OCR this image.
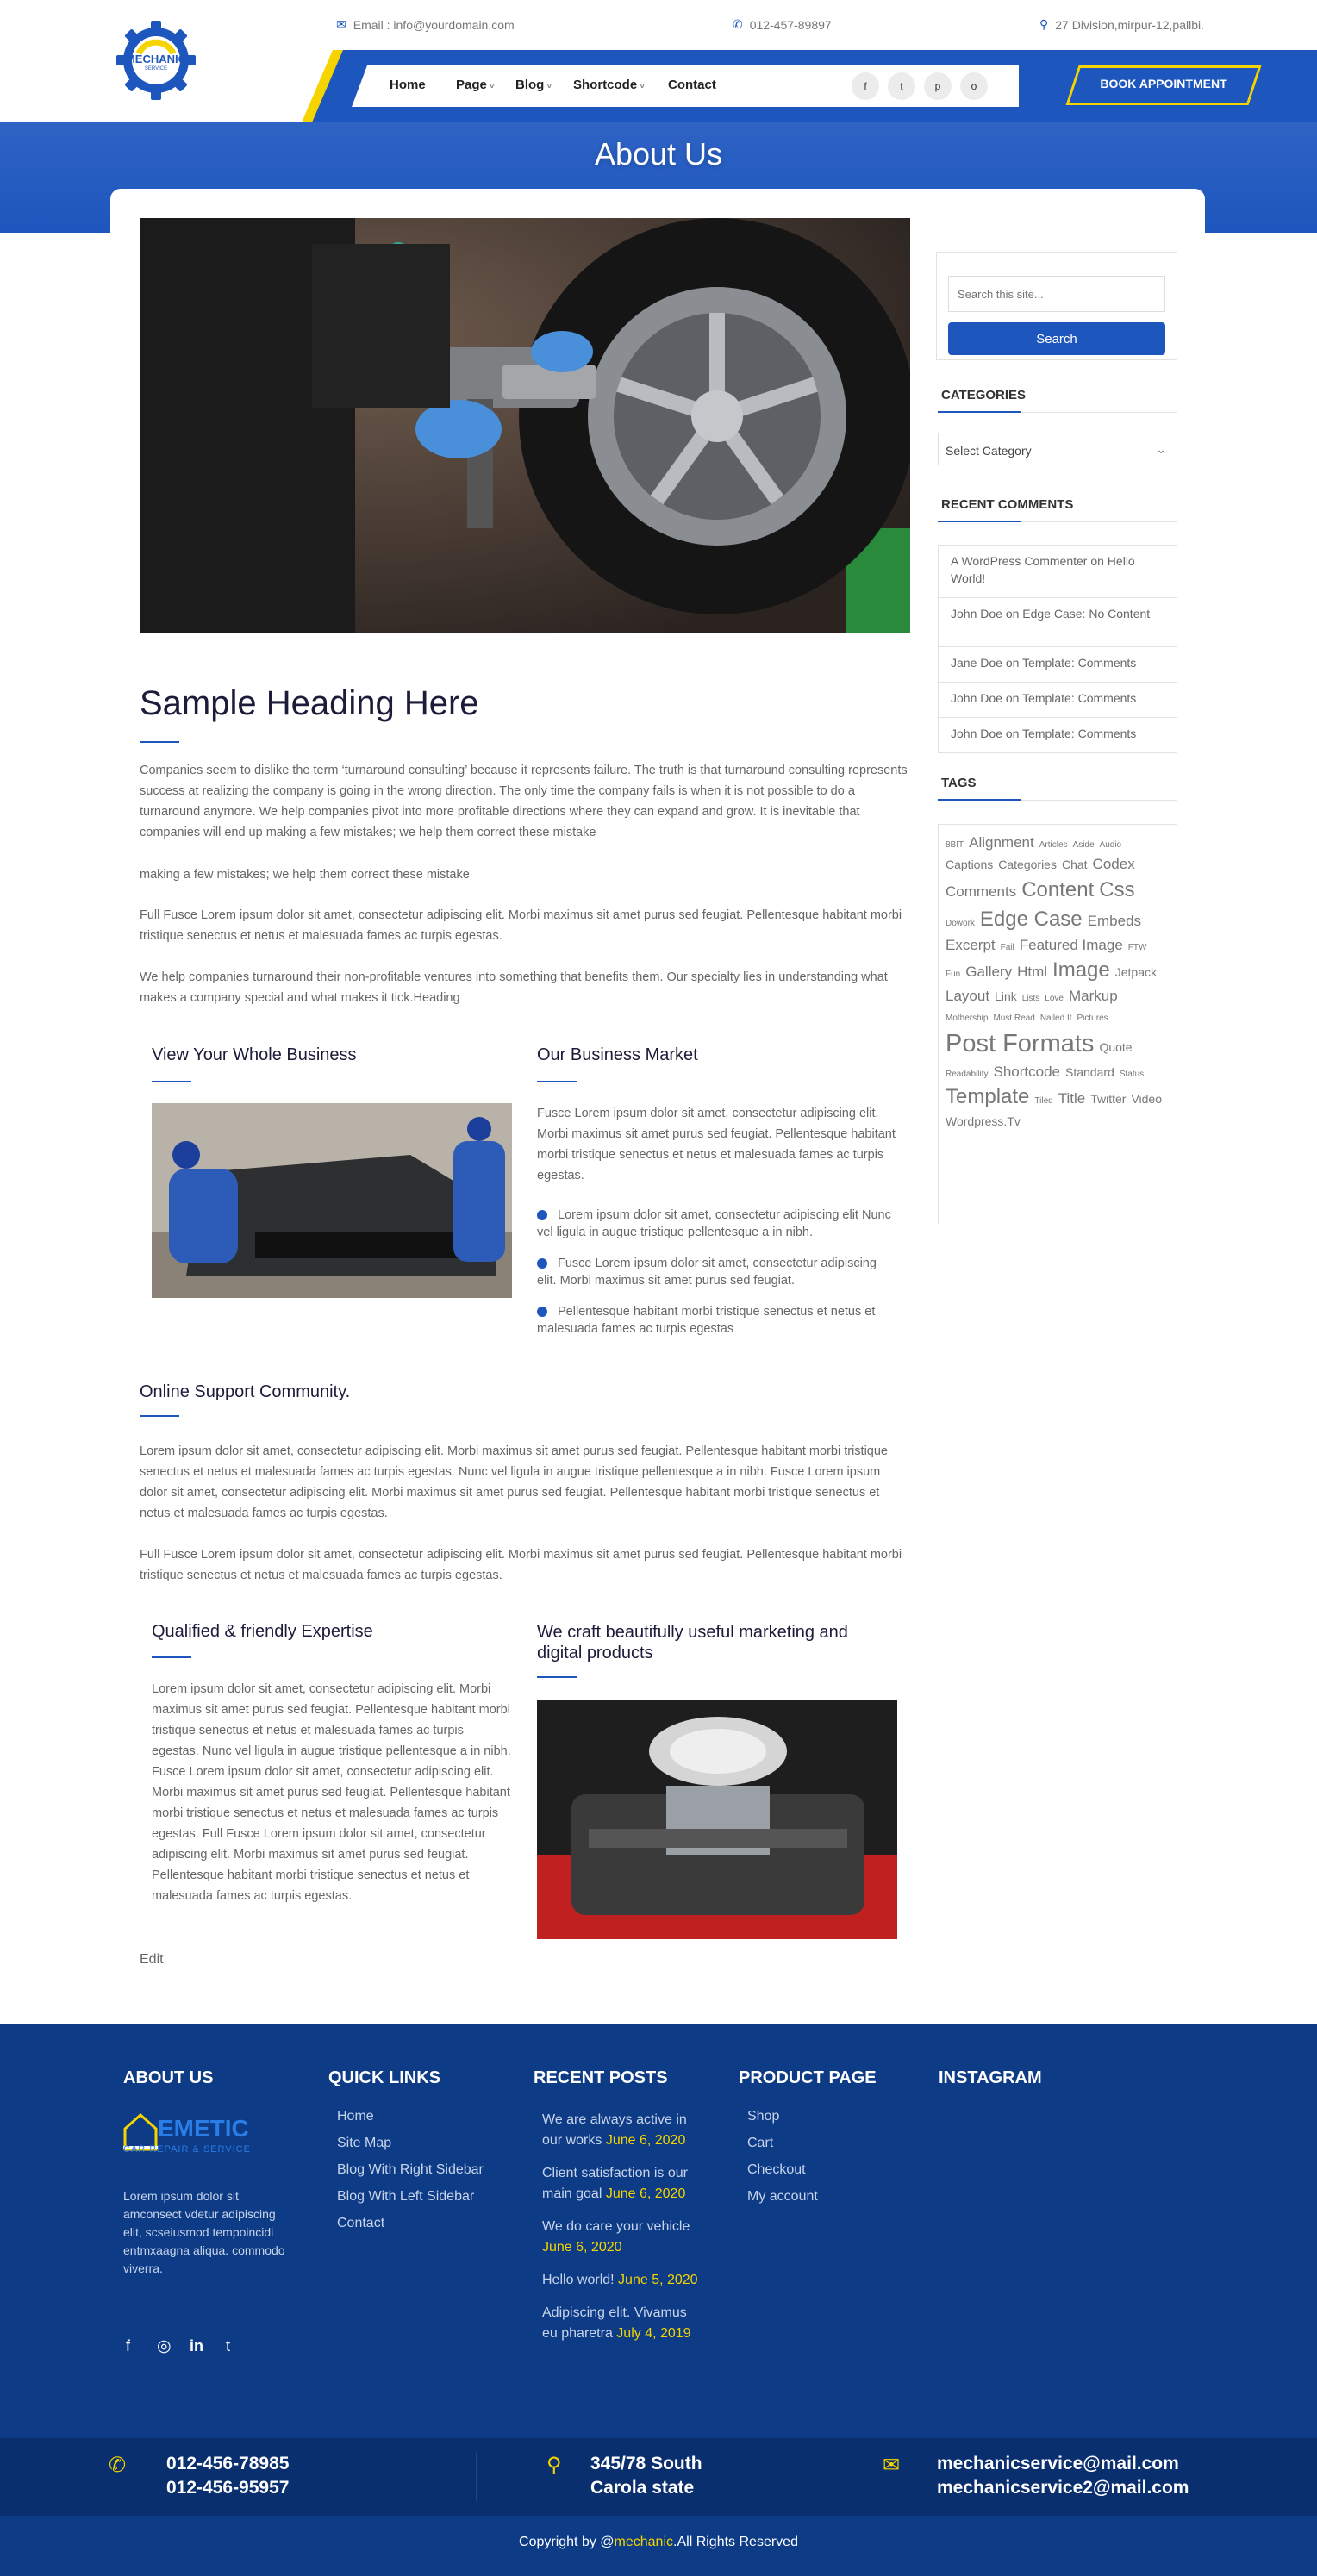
MECHANIC
SERVICE
✉ Email : info@yourdomain.com	✆ 012-457-89897	⚲ 27 Division,mirpur-12,pallbi.
Home Page ˅ Blog ˅ Shortcode ˅ Contact	f	t	p	o	BOOK APPOINTMENT
About Us
Sample Heading Here

Companies seem to dislike the term ‘turnaround consulting’ because it represents failure. The truth is that turnaround consulting represents success at realizing the company is going in the wrong direction. The only time the company fails is when it is not possible to do a turnaround anymore. We help companies pivot into more profitable directions where they can expand and grow. It is inevitable that companies will end up making a few mistakes; we help them correct these mistake

making a few mistakes; we help them correct these mistake

Full Fusce Lorem ipsum dolor sit amet, consectetur adipiscing elit. Morbi maximus sit amet purus sed feugiat. Pellentesque habitant morbi tristique senectus et netus et malesuada fames ac turpis egestas.

We help companies turnaround their non-profitable ventures into something that benefits them. Our specialty lies in understanding what makes a company special and what makes it tick.Heading

View Your Whole Business	Our Business Market

Fusce Lorem ipsum dolor sit amet, consectetur adipiscing elit. Morbi maximus sit amet purus sed feugiat. Pellentesque habitant morbi tristique senectus et netus et malesuada fames ac turpis egestas.

Lorem ipsum dolor sit amet, consectetur adipiscing elit Nunc vel ligula in augue tristique pellentesque a in nibh.
Fusce Lorem ipsum dolor sit amet, consectetur adipiscing elit. Morbi maximus sit amet purus sed feugiat.
Pellentesque habitant morbi tristique senectus et netus et malesuada fames ac turpis egestas
Online Support Community.

Lorem ipsum dolor sit amet, consectetur adipiscing elit. Morbi maximus sit amet purus sed feugiat. Pellentesque habitant morbi tristique senectus et netus et malesuada fames ac turpis egestas. Nunc vel ligula in augue tristique pellentesque a in nibh. Fusce Lorem ipsum dolor sit amet, consectetur adipiscing elit. Morbi maximus sit amet purus sed feugiat. Pellentesque habitant morbi tristique senectus et netus et malesuada fames ac turpis egestas.

Full Fusce Lorem ipsum dolor sit amet, consectetur adipiscing elit. Morbi maximus sit amet purus sed feugiat. Pellentesque habitant morbi tristique senectus et netus et malesuada fames ac turpis egestas.

Qualified & friendly Expertise

Lorem ipsum dolor sit amet, consectetur adipiscing elit. Morbi maximus sit amet purus sed feugiat. Pellentesque habitant morbi tristique senectus et netus et malesuada fames ac turpis egestas. Nunc vel ligula in augue tristique pellentesque a in nibh. Fusce Lorem ipsum dolor sit amet, consectetur adipiscing elit. Morbi maximus sit amet purus sed feugiat. Pellentesque habitant morbi tristique senectus et netus et malesuada fames ac turpis egestas. Full Fusce Lorem ipsum dolor sit amet, consectetur adipiscing elit. Morbi maximus sit amet purus sed feugiat. Pellentesque habitant morbi tristique senectus et netus et malesuada fames ac turpis egestas.

We craft beautifully useful marketing and digital products
Edit
Search this site...
Search
CATEGORIES
Select Category	⌄
RECENT COMMENTS
A WordPress Commenter on Hello World!
John Doe on Edge Case: No Content
Jane Doe on Template: Comments
John Doe on Template: Comments
John Doe on Template: Comments
TAGS
8BIT Alignment Articles Aside AudioCaptions Categories Chat CodexComments Content CssDowork Edge Case EmbedsExcerpt Fail Featured Image FTWFun Gallery Html Image JetpackLayout Link Lists Love MarkupMothership Must Read Nailed It PicturesPost Formats QuoteReadability Shortcode Standard StatusTemplate Tiled Title Twitter VideoWordpress.Tv
ABOUT US
EMETIC
CAR REPAIR & SERVICE

Lorem ipsum dolor sit amconsect vdetur adipiscing elit, scseiusmod tempoincidi entmxaagna aliqua. commodo viverra.

f ◎ in t
QUICK LINKS
Home
Site Map
Blog With Right Sidebar
Blog With Left Sidebar
Contact
RECENT POSTS
We are always active in our works June 6, 2020
Client satisfaction is our main goal June 6, 2020
We do care your vehicle June 6, 2020
Hello world! June 5, 2020
Adipiscing elit. Vivamus eu pharetra July 4, 2019
PRODUCT PAGE
Shop
Cart
Checkout
My account
INSTAGRAM
✆ 012-456-78985
012-456-95957
⚲ 345/78 South
Carola state
✉ mechanicservice@mail.com
mechanicservice2@mail.com
Copyright by @mechanic.All Rights Reserved
